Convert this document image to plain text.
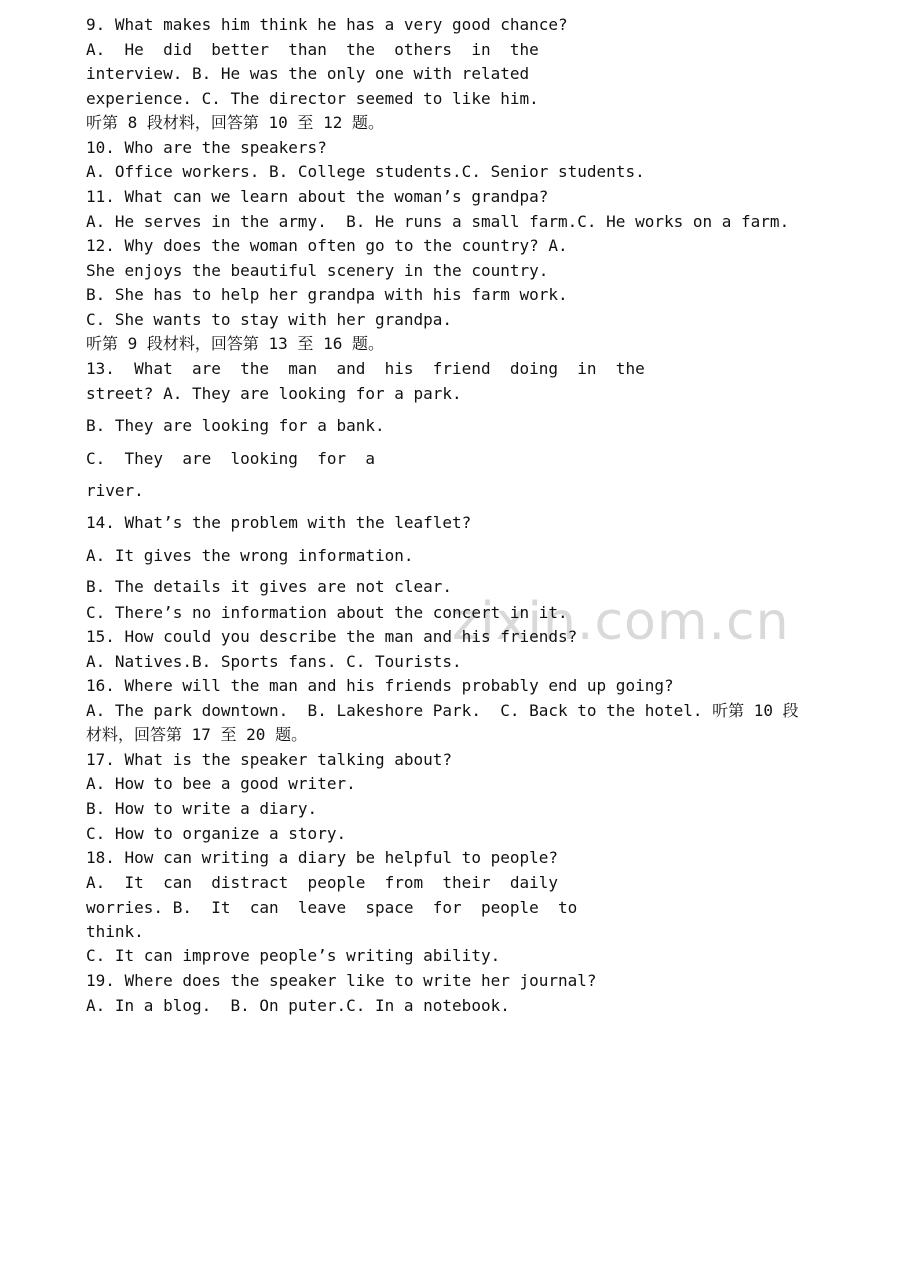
zixin.com.cn
9. What makes him think he has a very good chance?
A.  He  did  better  than  the  others  in  the
interview. B. He was the only one with related
experience. C. The director seemed to like him.
听第 8 段材料，回答第 10 至 12 题。
10. Who are the speakers?
A. Office workers. B. College students.C. Senior students.
11. What can we learn about the woman’s grandpa?
A. He serves in the army.  B. He runs a small farm.C. He works on a farm.
12. Why does the woman often go to the country? A.
She enjoys the beautiful scenery in the country.
B. She has to help her grandpa with his farm work.
C. She wants to stay with her grandpa.
听第 9 段材料，回答第 13 至 16 题。
13.  What  are  the  man  and  his  friend  doing  in  the
street? A. They are looking for a park.
B. They are looking for a bank.
C.  They  are  looking  for  a
river.
14. What’s the problem with the leaflet?
A. It gives the wrong information.
B. The details it gives are not clear.
C. There’s no information about the concert in it.
15. How could you describe the man and his friends?
A. Natives.B. Sports fans. C. Tourists.
16. Where will the man and his friends probably end up going?
A. The park downtown.  B. Lakeshore Park.  C. Back to the hotel. 听第 10 段
材料，回答第 17 至 20 题。
17. What is the speaker talking about?
A. How to bee a good writer.
B. How to write a diary.
C. How to organize a story.
18. How can writing a diary be helpful to people?
A.  It  can  distract  people  from  their  daily
worries. B.  It  can  leave  space  for  people  to
think.
C. It can improve people’s writing ability.
19. Where does the speaker like to write her journal?
A. In a blog.  B. On puter.C. In a notebook.
